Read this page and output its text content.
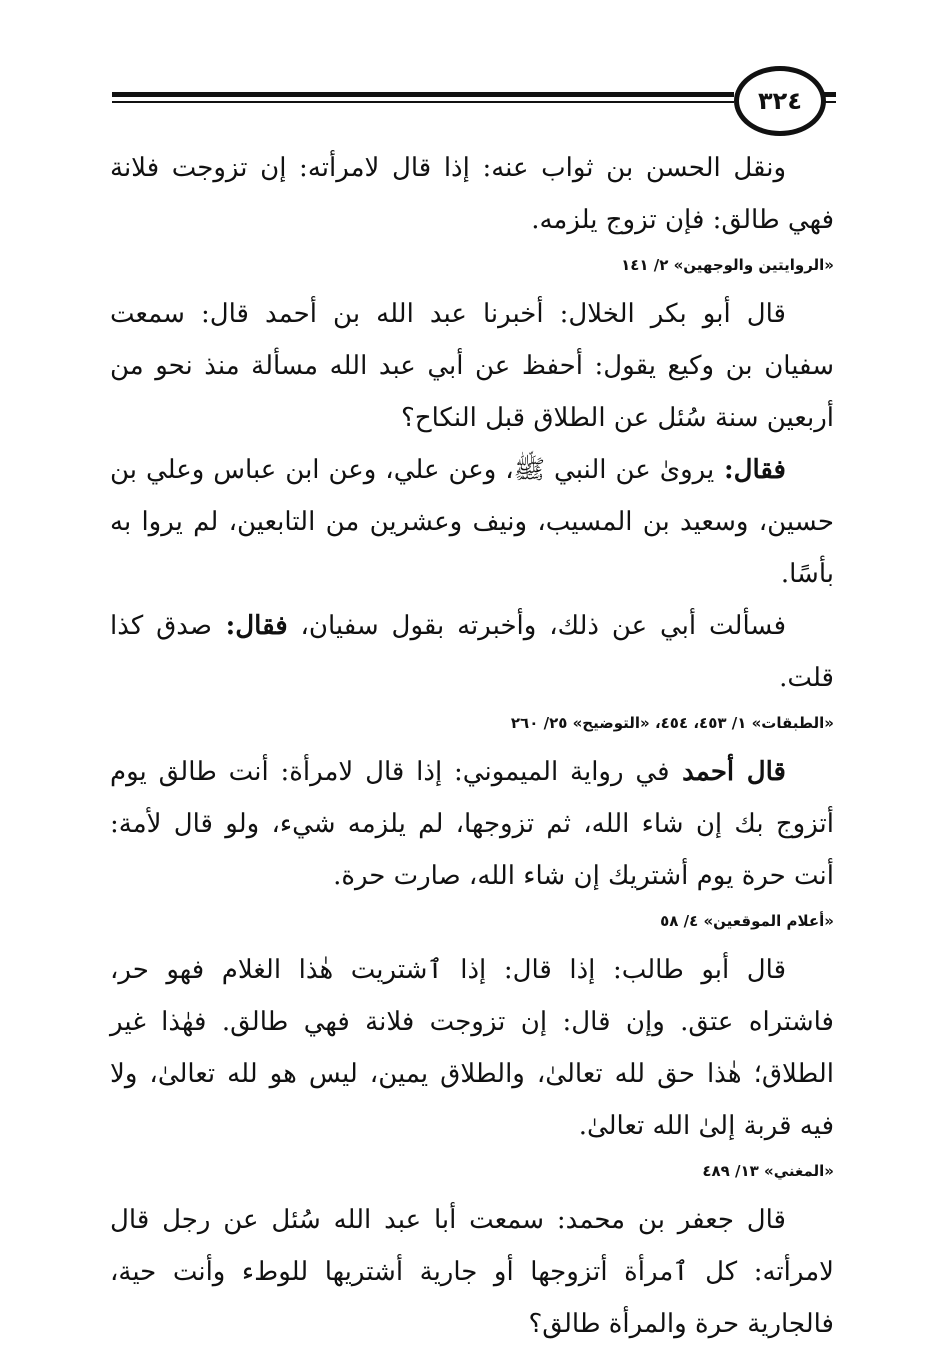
٣٢٤

ونقل الحسن بن ثواب عنه: إذا قال لامرأته: إن تزوجت فلانة فهي طالق: فإن تزوج يلزمه.

«الروايتين والوجهين» ٢/ ١٤١

قال أبو بكر الخلال: أخبرنا عبد الله بن أحمد قال: سمعت سفيان بن وكيع يقول: أحفظ عن أبي عبد الله مسألة منذ نحو من أربعين سنة سُئل عن الطلاق قبل النكاح؟

فقال: يروىٰ عن النبي ﷺ، وعن علي، وعن ابن عباس وعلي بن حسين، وسعيد بن المسيب، ونيف وعشرين من التابعين، لم يروا به بأسًا.

فسألت أبي عن ذلك، وأخبرته بقول سفيان، فقال: صدق كذا قلت.

«الطبقات» ١/ ٤٥٣، ٤٥٤، «التوضيح» ٢٥/ ٢٦٠

قال أحمد في رواية الميموني: إذا قال لامرأة: أنت طالق يوم أتزوج بك إن شاء الله، ثم تزوجها، لم يلزمه شيء، ولو قال لأمة: أنت حرة يوم أشتريك إن شاء الله، صارت حرة.

«أعلام الموقعين» ٤/ ٥٨

قال أبو طالب: إذا قال: إذا ٱشتريت هٰذا الغلام فهو حر، فاشتراه عتق. وإن قال: إن تزوجت فلانة فهي طالق. فهٰذا غير الطلاق؛ هٰذا حق لله تعالىٰ، والطلاق يمين، ليس هو لله تعالىٰ، ولا فيه قربة إلىٰ الله تعالىٰ.

«المغني» ١٣/ ٤٨٩

قال جعفر بن محمد: سمعت أبا عبد الله سُئل عن رجل قال لامرأته: كل ٱمرأة أتزوجها أو جارية أشتريها للوطء وأنت حية، فالجارية حرة والمرأة طالق؟
